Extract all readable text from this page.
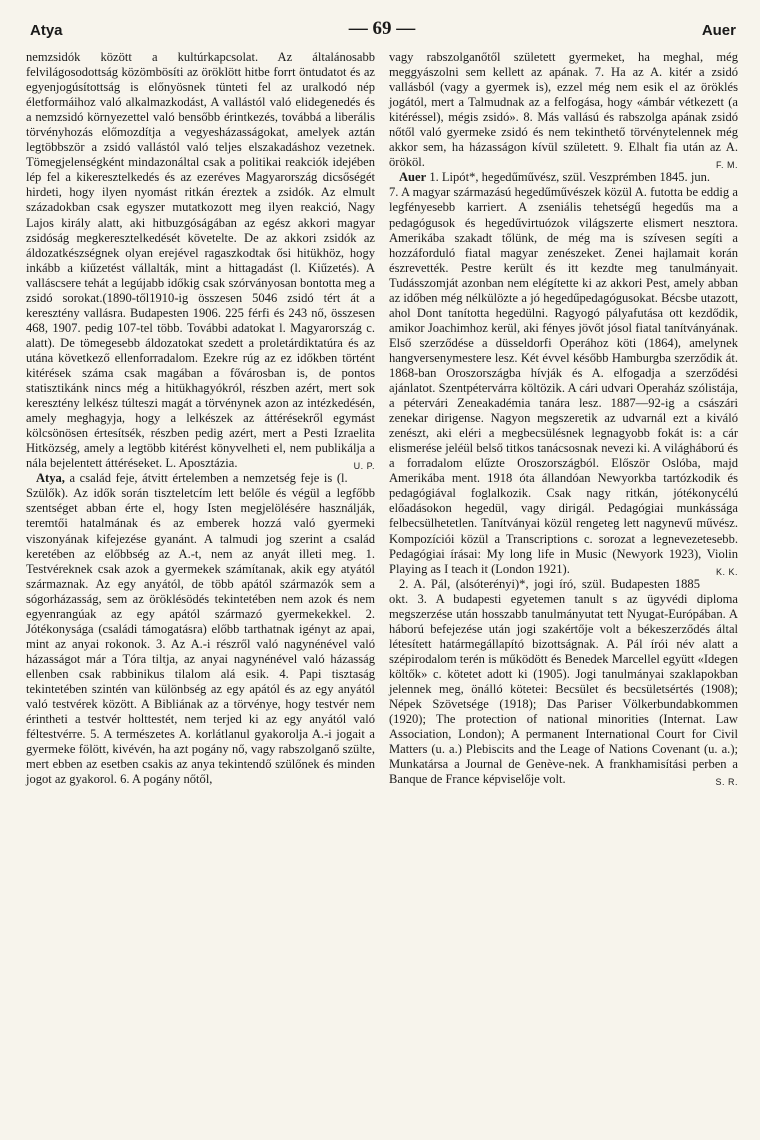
Atya	— 69 —	Auer

nemzsidók között a kultúrkapcsolat. Az általánosabb felvilágosodottság közömbösíti az öröklött hitbe forrt öntudatot és az egyenjogúsítottság is előnyösnek tünteti fel az uralkodó nép életformáihoz való alkalmazkodást, A vallástól való elidegenedés és a nemzsidó környezettel való bensőbb érintkezés, továbbá a liberális törvényhozás előmozdítja a vegyesházasságokat, amelyek aztán legtöbbször a zsidó vallástól való teljes elszakadáshoz vezetnek. Tömegjelenségként mindazonáltal csak a politikai reakciók idejében lép fel a kikeresztelkedés és az ezeréves Magyarország dicsőségét hirdeti, hogy ilyen nyomást ritkán éreztek a zsidók. Az elmult századokban csak egyszer mutatkozott meg ilyen reakció, Nagy Lajos király alatt, aki hitbuzgóságában az egész akkori magyar zsidóság megkeresztelkedését követelte. De az akkori zsidók az áldozatkészségnek olyan erejével ragaszkodtak ősi hitükhöz, hogy inkább a kiűzetést vállalták, mint a hittagadást (l. Kiűzetés). A valláscsere tehát a legújabb időkig csak szórványosan bontotta meg a zsidó sorokat.(1890-től1910-ig összesen 5046 zsidó tért át a keresztény vallásra. Budapesten 1906. 225 férfi és 243 nő, összesen 468, 1907. pedig 107-tel több. További adatokat l. Magyarország c. alatt). De tömegesebb áldozatokat szedett a proletárdiktatúra és az utána következő ellenforradalom. Ezekre rúg az ez időkben történt kitérések száma csak magában a fővárosban is, de pontos statisztikánk nincs még a hitükhagyókról, részben azért, mert sok keresztény lelkész túlteszi magát a törvénynek azon az intézkedésén, amely meghagyja, hogy a lelkészek az áttérésekről egymást kölcsönösen értesítsék, részben pedig azért, mert a Pesti Izraelita Hitközség, amely a legtöbb kitérést könyvelheti el, nem publikálja a nála bejelentett áttéréseket. L. Aposztázia.	U. P.

Atya, a család feje, átvitt értelemben a nemzetség feje is (l. Szülők). Az idők során tiszteletcím lett belőle és végül a legfőbb szentséget abban érte el, hogy Isten megjelölésére használják, teremtői hatalmának és az emberek hozzá való gyermeki viszonyának kifejezése gyanánt. A talmudi jog szerint a család keretében az előbbség az A.-t, nem az anyát illeti meg. 1. Testvéreknek csak azok a gyermekek számítanak, akik egy atyától származnak. Az egy anyától, de több apától származók sem a sógorházasság, sem az öröklésödés tekintetében nem azok és nem egyenrangúak az egy apától származó gyermekekkel. 2. Jótékonysága (családi támogatásra) előbb tarthatnak igényt az apai, mint az anyai rokonok. 3. Az A.-i részről való nagynénével való házasságot már a Tóra tiltja, az anyai nagynénével való házasság ellenben csak rabbinikus tilalom alá esik. 4. Papi tisztaság tekintetében szintén van különbség az egy apától és az egy anyától való testvérek között. A Bibliának az a törvénye, hogy testvér nem érintheti a testvér holttestét, nem terjed ki az egy anyától való féltestvérre. 5. A természetes A. korlátlanul gyakorolja A.-i jogait a gyermeke fölött, kivévén, ha azt pogány nő, vagy rabszolganő szülte, mert ebben az esetben csakis az anya tekintendő szülőnek és minden jogot az gyakorol. 6. A pogány nőtől,

vagy rabszolganőtől született gyermeket, ha meghal, még meggyászolni sem kellett az apának. 7. Ha az A. kitér a zsidó vallásból (vagy a gyermek is), ezzel még nem esik el az öröklés jogától, mert a Talmudnak az a felfogása, hogy «ámbár vétkezett (a kitéréssel), mégis zsidó». 8. Más vallású és rabszolga apának zsidó nőtől való gyermeke zsidó és nem tekinthető törvénytelennek még akkor sem, ha házasságon kívül született. 9. Elhalt fia után az A. örököl.	F. M.

Auer 1. Lipót*, hegedűművész, szül. Veszprémben 1845. jun. 7. A magyar származású hegedűművészek közül A. futotta be eddig a legfényesebb karriert. A zseniális tehetségű hegedűs ma a pedagógusok és hegedűvirtuózok világszerte elismert nesztora. Amerikába szakadt tőlünk, de még ma is szívesen segíti a hozzáforduló fiatal magyar zenészeket. Zenei hajlamait korán észrevették. Pestre került és itt kezdte meg tanulmányait. Tudásszomját azonban nem elégítette ki az akkori Pest, amely abban az időben még nélkülözte a jó hegedűpedagógusokat. Bécsbe utazott, ahol Dont tanította hegedülni. Ragyogó pályafutása ott kezdődik, amikor Joachimhoz kerül, aki fényes jövőt jósol fiatal tanítványának. Első szerződése a düsseldorfi Operához köti (1864), amelynek hangversenymestere lesz. Két évvel később Hamburgba szerződik át. 1868-ban Oroszországba hívják és A. elfogadja a szerződési ajánlatot. Szentpétervárra költözik. A cári udvari Operaház szólistája, a pétervári Zeneakadémia tanára lesz. 1887—92-ig a császári zenekar dirigense. Nagyon megszeretik az udvarnál ezt a kiváló zenészt, aki eléri a megbecsülésnek legnagyobb fokát is: a cár elismerése jeléül belső titkos tanácsosnak nevezi ki. A világháború és a forradalom elűzte Oroszországból. Először Oslóba, majd Amerikába ment. 1918 óta állandóan Newyorkba tartózkodik és pedagógiával foglalkozik. Csak nagy ritkán, jótékonycélú előadásokon hegedül, vagy dirigál. Pedagógiai munkássága felbecsülhetetlen. Tanítványai közül rengeteg lett nagynevű művész. Kompozíciói közül a Transcriptions c. sorozat a legnevezetesebb. Pedagógiai írásai: My long life in Music (Newyork 1923), Violin Playing as I teach it (London 1921).	K. K.

2. A. Pál, (alsóterényi)*, jogi író, szül. Budapesten 1885 okt. 3. A budapesti egyetemen tanult s az ügyvédi diploma megszerzése után hosszabb tanulmányutat tett Nyugat-Európában. A háború befejezése után jogi szakértője volt a békeszerződés által létesített határmegállapító bizottságnak. A. Pál írói név alatt a szépirodalom terén is működött és Benedek Marcellel együtt «Idegen költők» c. kötetet adott ki (1905). Jogi tanulmányai szaklapokban jelennek meg, önálló kötetei: Becsület és becsületsértés (1908); Népek Szövetsége (1918); Das Pariser Völkerbundabkommen (1920); The protection of national minorities (Internat. Law Association, London); A permanent International Court for Civil Matters (u. a.) Plebiscits and the Leage of Nations Covenant (u. a.); Munkatársa a Journal de Genève-nek. A frankhamisítási perben a Banque de France képviselője volt.	S. R.
